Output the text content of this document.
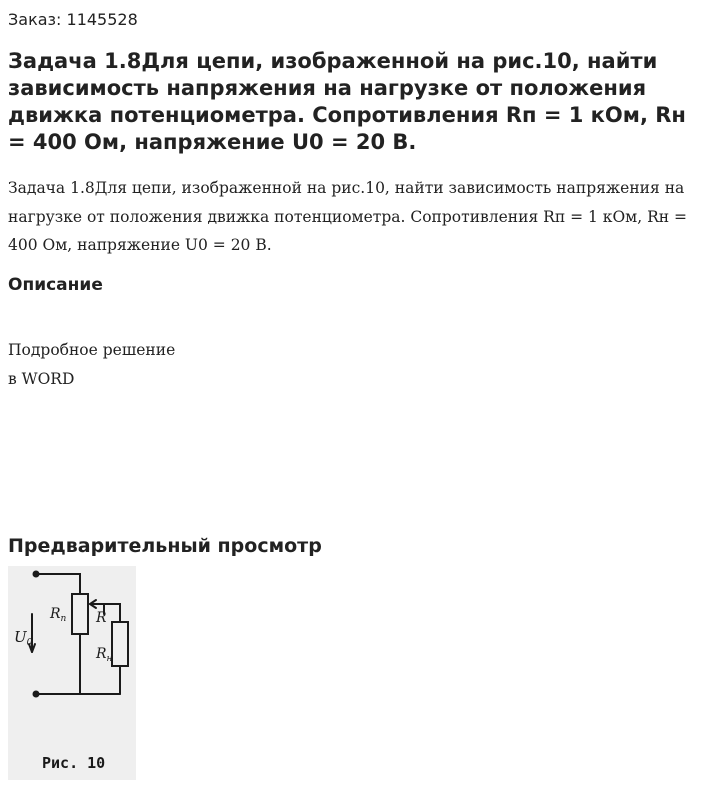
Заказ: 1145528
Задача 1.8Для цепи, изображенной на рис.10, найти зависимость напряжения на нагрузке от положения движка потенциометра. Сопротивления Rп = 1 кОм, Rн = 400 Ом, напряжение U0 = 20 В.
Задача 1.8Для цепи, изображенной на рис.10, найти зависимость напряжения на нагрузке от положения движка потенциометра. Сопротивления Rп = 1 кОм, Rн = 400 Ом, напряжение U0 = 20 В.
Описание
Подробное решение
в WORD
Предварительный просмотр
$U_0$
$R_п$ R
$R_н$
Рис. 10
